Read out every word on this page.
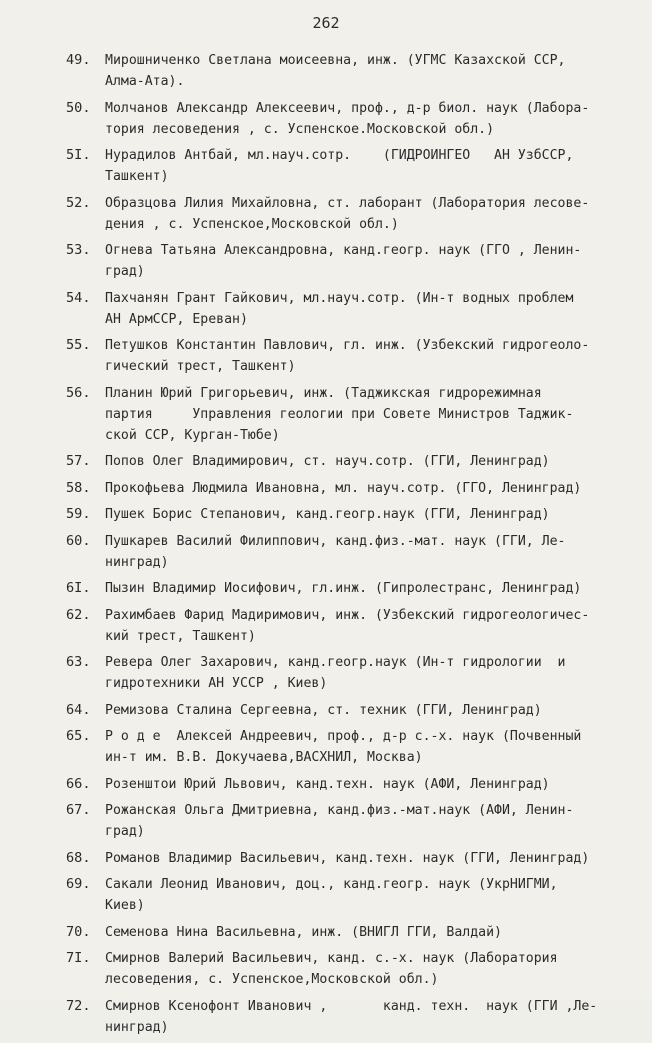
262
49.	Мирошниченко Светлана моисеевна, инж. (УГМС Казахской ССР,
Алма-Ата).
50.	Молчанов Александр Алексеевич, проф., д-р биол. наук (Лабора-
тория лесоведения , с. Успенское.Московской обл.)
5I.	Нурадилов Антбай, мл.науч.сотр.    (ГИДРОИНГЕО   АН УзбССР,
Ташкент)
52.	Образцова Лилия Михайловна, ст. лаборант (Лаборатория лесове-
дения , с. Успенское,Московской обл.)
53.	Огнева Татьяна Александровна, канд.геогр. наук (ГГО , Ленин-
град)
54.	Пахчанян Грант Гайкович, мл.науч.сотр. (Ин-т водных проблем
АН АрмССР, Ереван)
55.	Петушков Константин Павлович, гл. инж. (Узбекский гидрогеоло-
гический трест, Ташкент)
56.	Планин Юрий Григорьевич, инж. (Таджикская гидрорежимная
партия     Управления геологии при Совете Министров Таджик-
ской ССР, Курган-Тюбе)
57.	Попов Олег Владимирович, ст. науч.сотр. (ГГИ, Ленинград)
58.	Прокофьева Людмила Ивановна, мл. науч.сотр. (ГГО, Ленинград)
59.	Пушек Борис Степанович, канд.геогр.наук (ГГИ, Ленинград)
60.	Пушкарев Василий Филиппович, канд.физ.-мат. наук (ГГИ, Ле-
нинград)
6I.	Пызин Владимир Иосифович, гл.инж. (Гипролестранс, Ленинград)
62.	Рахимбаев Фарид Мадиримович, инж. (Узбекский гидрогеологичес-
кий трест, Ташкент)
63.	Ревера Олег Захарович, канд.геогр.наук (Ин-т гидрологии  и
гидротехники АН УССР , Киев)
64.	Ремизова Сталина Сергеевна, ст. техник (ГГИ, Ленинград)
65.	Р о д е  Алексей Андреевич, проф., д-р с.-х. наук (Почвенный
ин-т им. В.В. Докучаева,ВАСХНИЛ, Москва)
66.	Розенштои Юрий Львович, канд.техн. наук (АФИ, Ленинград)
67.	Рожанская Ольга Дмитриевна, канд.физ.-мат.наук (АФИ, Ленин-
град)
68.	Романов Владимир Васильевич, канд.техн. наук (ГГИ, Ленинград)
69.	Сакали Леонид Иванович, доц., канд.геогр. наук (УкрНИГМИ,
Киев)
70.	Семенова Нина Васильевна, инж. (ВНИГЛ ГГИ, Валдай)
7I.	Смирнов Валерий Васильевич, канд. с.-х. наук (Лаборатория
лесоведения, с. Успенское,Московской обл.)
72.	Смирнов Ксенофонт Иванович ,       канд. техн.  наук (ГГИ ,Ле-
нинград)
